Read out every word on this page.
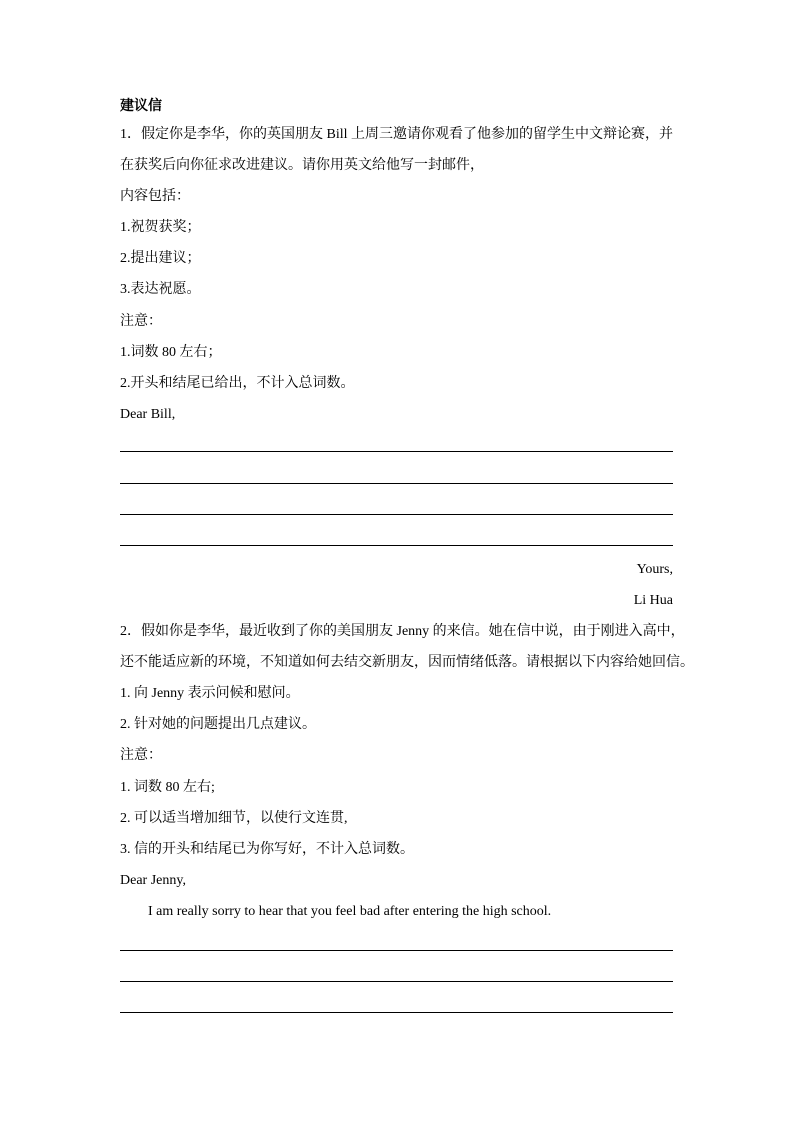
建议信
1．假定你是李华，你的英国朋友 Bill 上周三邀请你观看了他参加的留学生中文辩论赛，并
在获奖后向你征求改进建议。请你用英文给他写一封邮件，
内容包括：
1.祝贺获奖；
2.提出建议；
3.表达祝愿。
注意：
1.词数 80 左右；
2.开头和结尾已给出，不计入总词数。
Dear Bill,
Yours,
Li Hua
2．假如你是李华，最近收到了你的美国朋友 Jenny 的来信。她在信中说，由于刚进入高中，
还不能适应新的环境，不知道如何去结交新朋友，因而情绪低落。请根据以下内容给她回信。
1. 向 Jenny 表示问候和慰问。
2. 针对她的问题提出几点建议。
注意：
1. 词数 80 左右;
2. 可以适当增加细节，以使行文连贯,
3. 信的开头和结尾已为你写好，不计入总词数。
Dear Jenny,
I am really sorry to hear that you feel bad after entering the high school.
